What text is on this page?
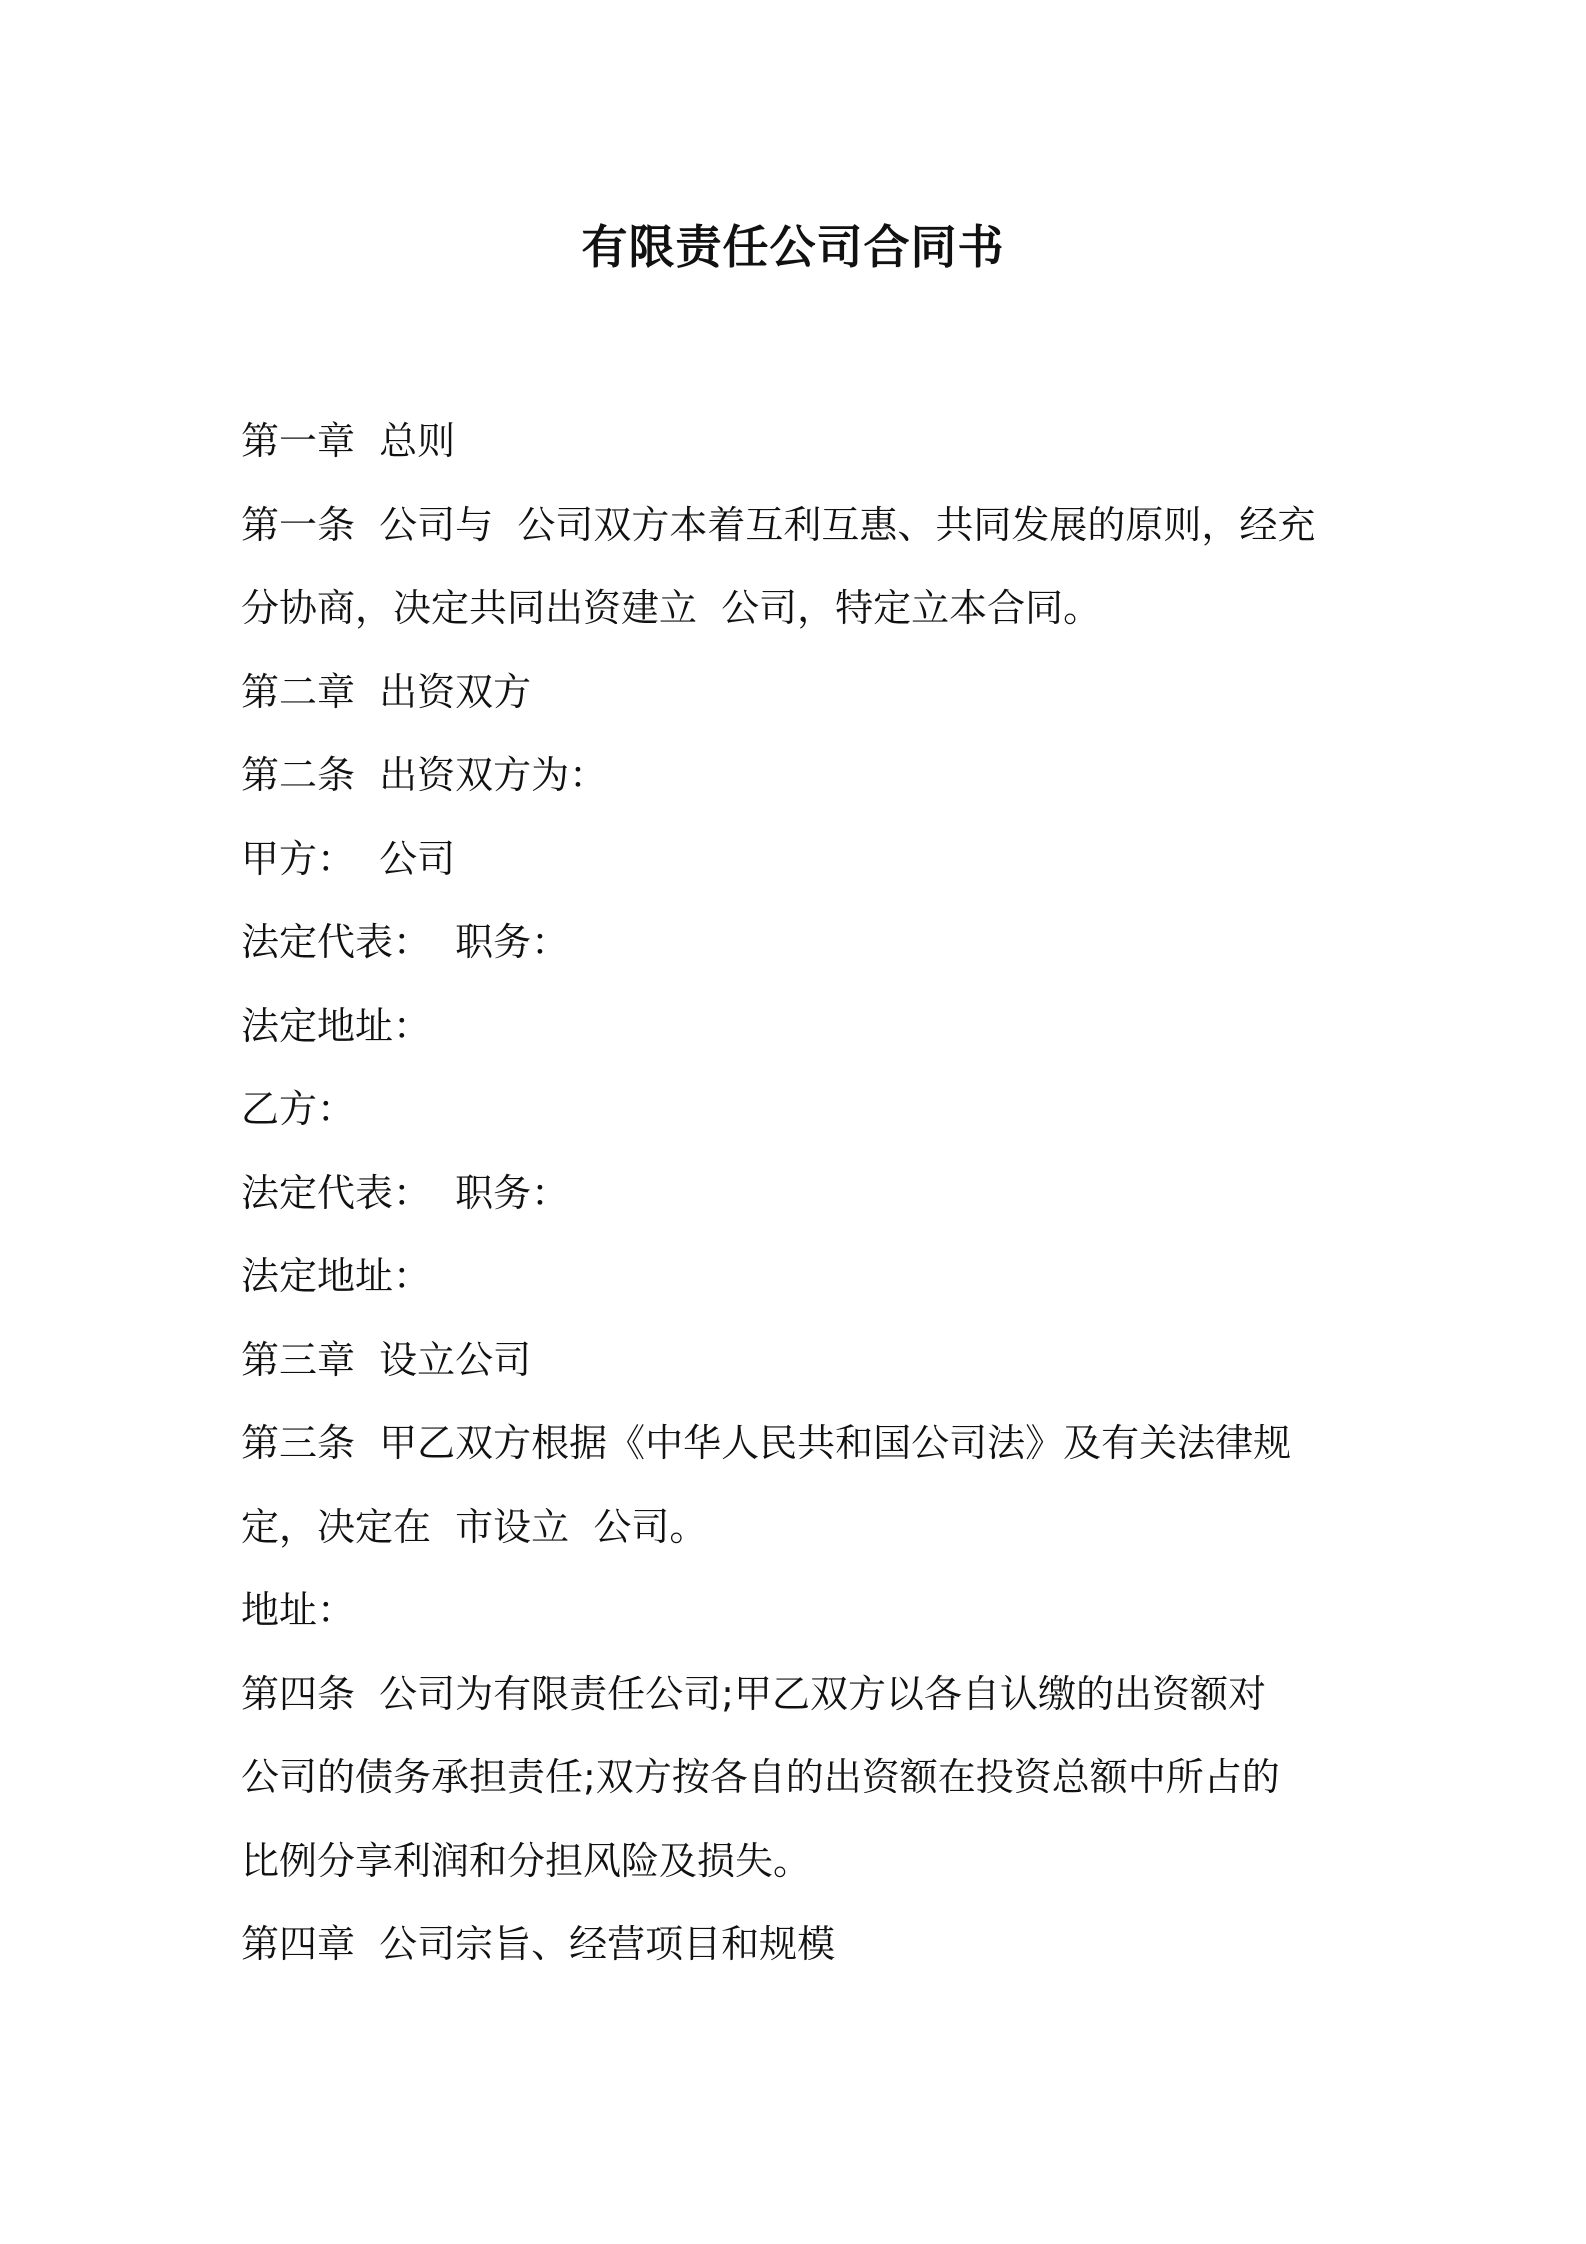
有限责任公司合同书

第一章  总则

第一条  公司与  公司双方本着互利互惠、共同发展的原则，经充

分协商，决定共同出资建立  公司，特定立本合同。

第二章  出资双方

第二条  出资双方为：

甲方：  公司

法定代表：  职务：

法定地址：

乙方：

法定代表：  职务：

法定地址：

第三章  设立公司

第三条  甲乙双方根据《中华人民共和国公司法》及有关法律规

定，决定在  市设立  公司。

地址：

第四条  公司为有限责任公司;甲乙双方以各自认缴的出资额对

公司的债务承担责任;双方按各自的出资额在投资总额中所占的

比例分享利润和分担风险及损失。

第四章  公司宗旨、经营项目和规模
